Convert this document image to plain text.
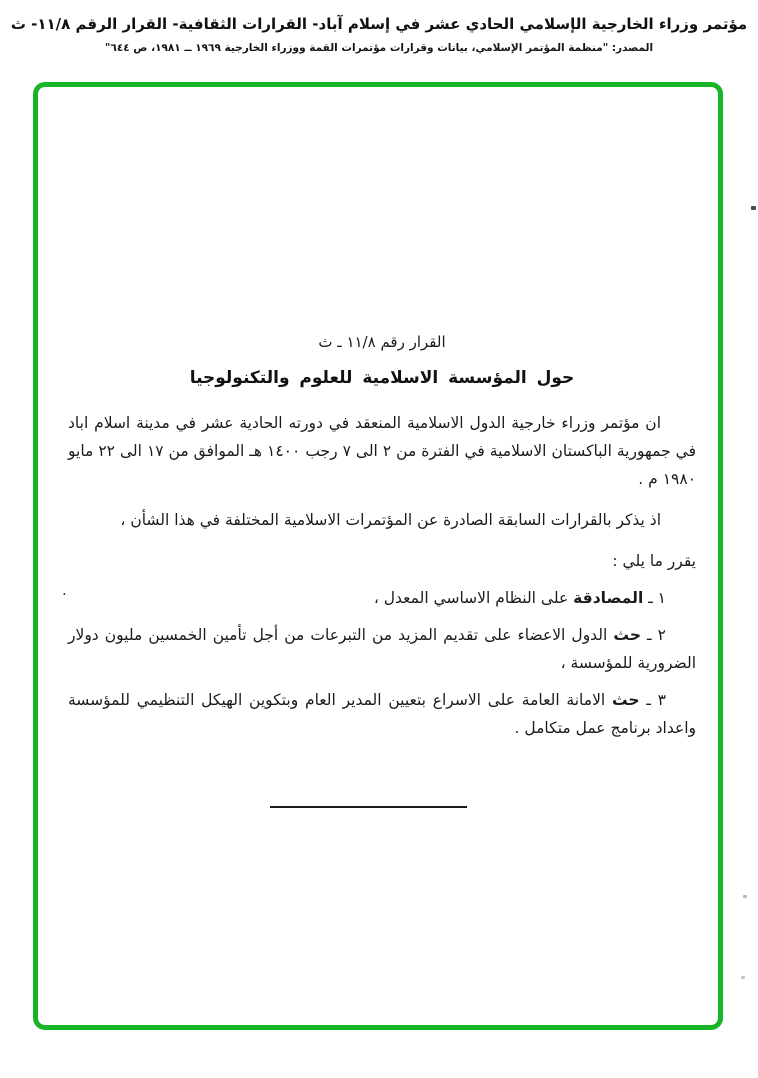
مؤتمر وزراء الخارجية الإسلامي الحادي عشر في إسلام آباد- القرارات الثقافية- القرار الرقم ١١/٨- ث
المصدر: "منظمة المؤتمر الإسلامي، بيانات وقرارات مؤتمرات القمة ووزراء الخارجية ١٩٦٩ ــ ١٩٨١، ص ٦٤٤"

القرار رقم ١١/٨ ـ ث

حول المؤسسة الاسلامية للعلوم والتكنولوجيا

ان مؤتمر وزراء خارجية الدول الاسلامية المنعقد في دورته الحادية عشر في مدينة اسلام اباد في جمهورية الباكستان الاسلامية في الفترة من ٢ الى ٧ رجب ١٤٠٠ هـ الموافق من ١٧ الى ٢٢ مايو ١٩٨٠ م .

اذ يذكر بالقرارات السابقة الصادرة عن المؤتمرات الاسلامية المختلفة في هذا الشأن ،

يقرر ما يلي :

١ ـ المصادقة على النظام الاساسي المعدل ،

٢ ـ حث الدول الاعضاء على تقديم المزيد من التبرعات من أجل تأمين الخمسين مليون دولار الضرورية للمؤسسة ،

٣ ـ حث الامانة العامة على الاسراع بتعيين المدير العام وبتكوين الهيكل التنظيمي للمؤسسة واعداد برنامج عمل متكامل .

.
